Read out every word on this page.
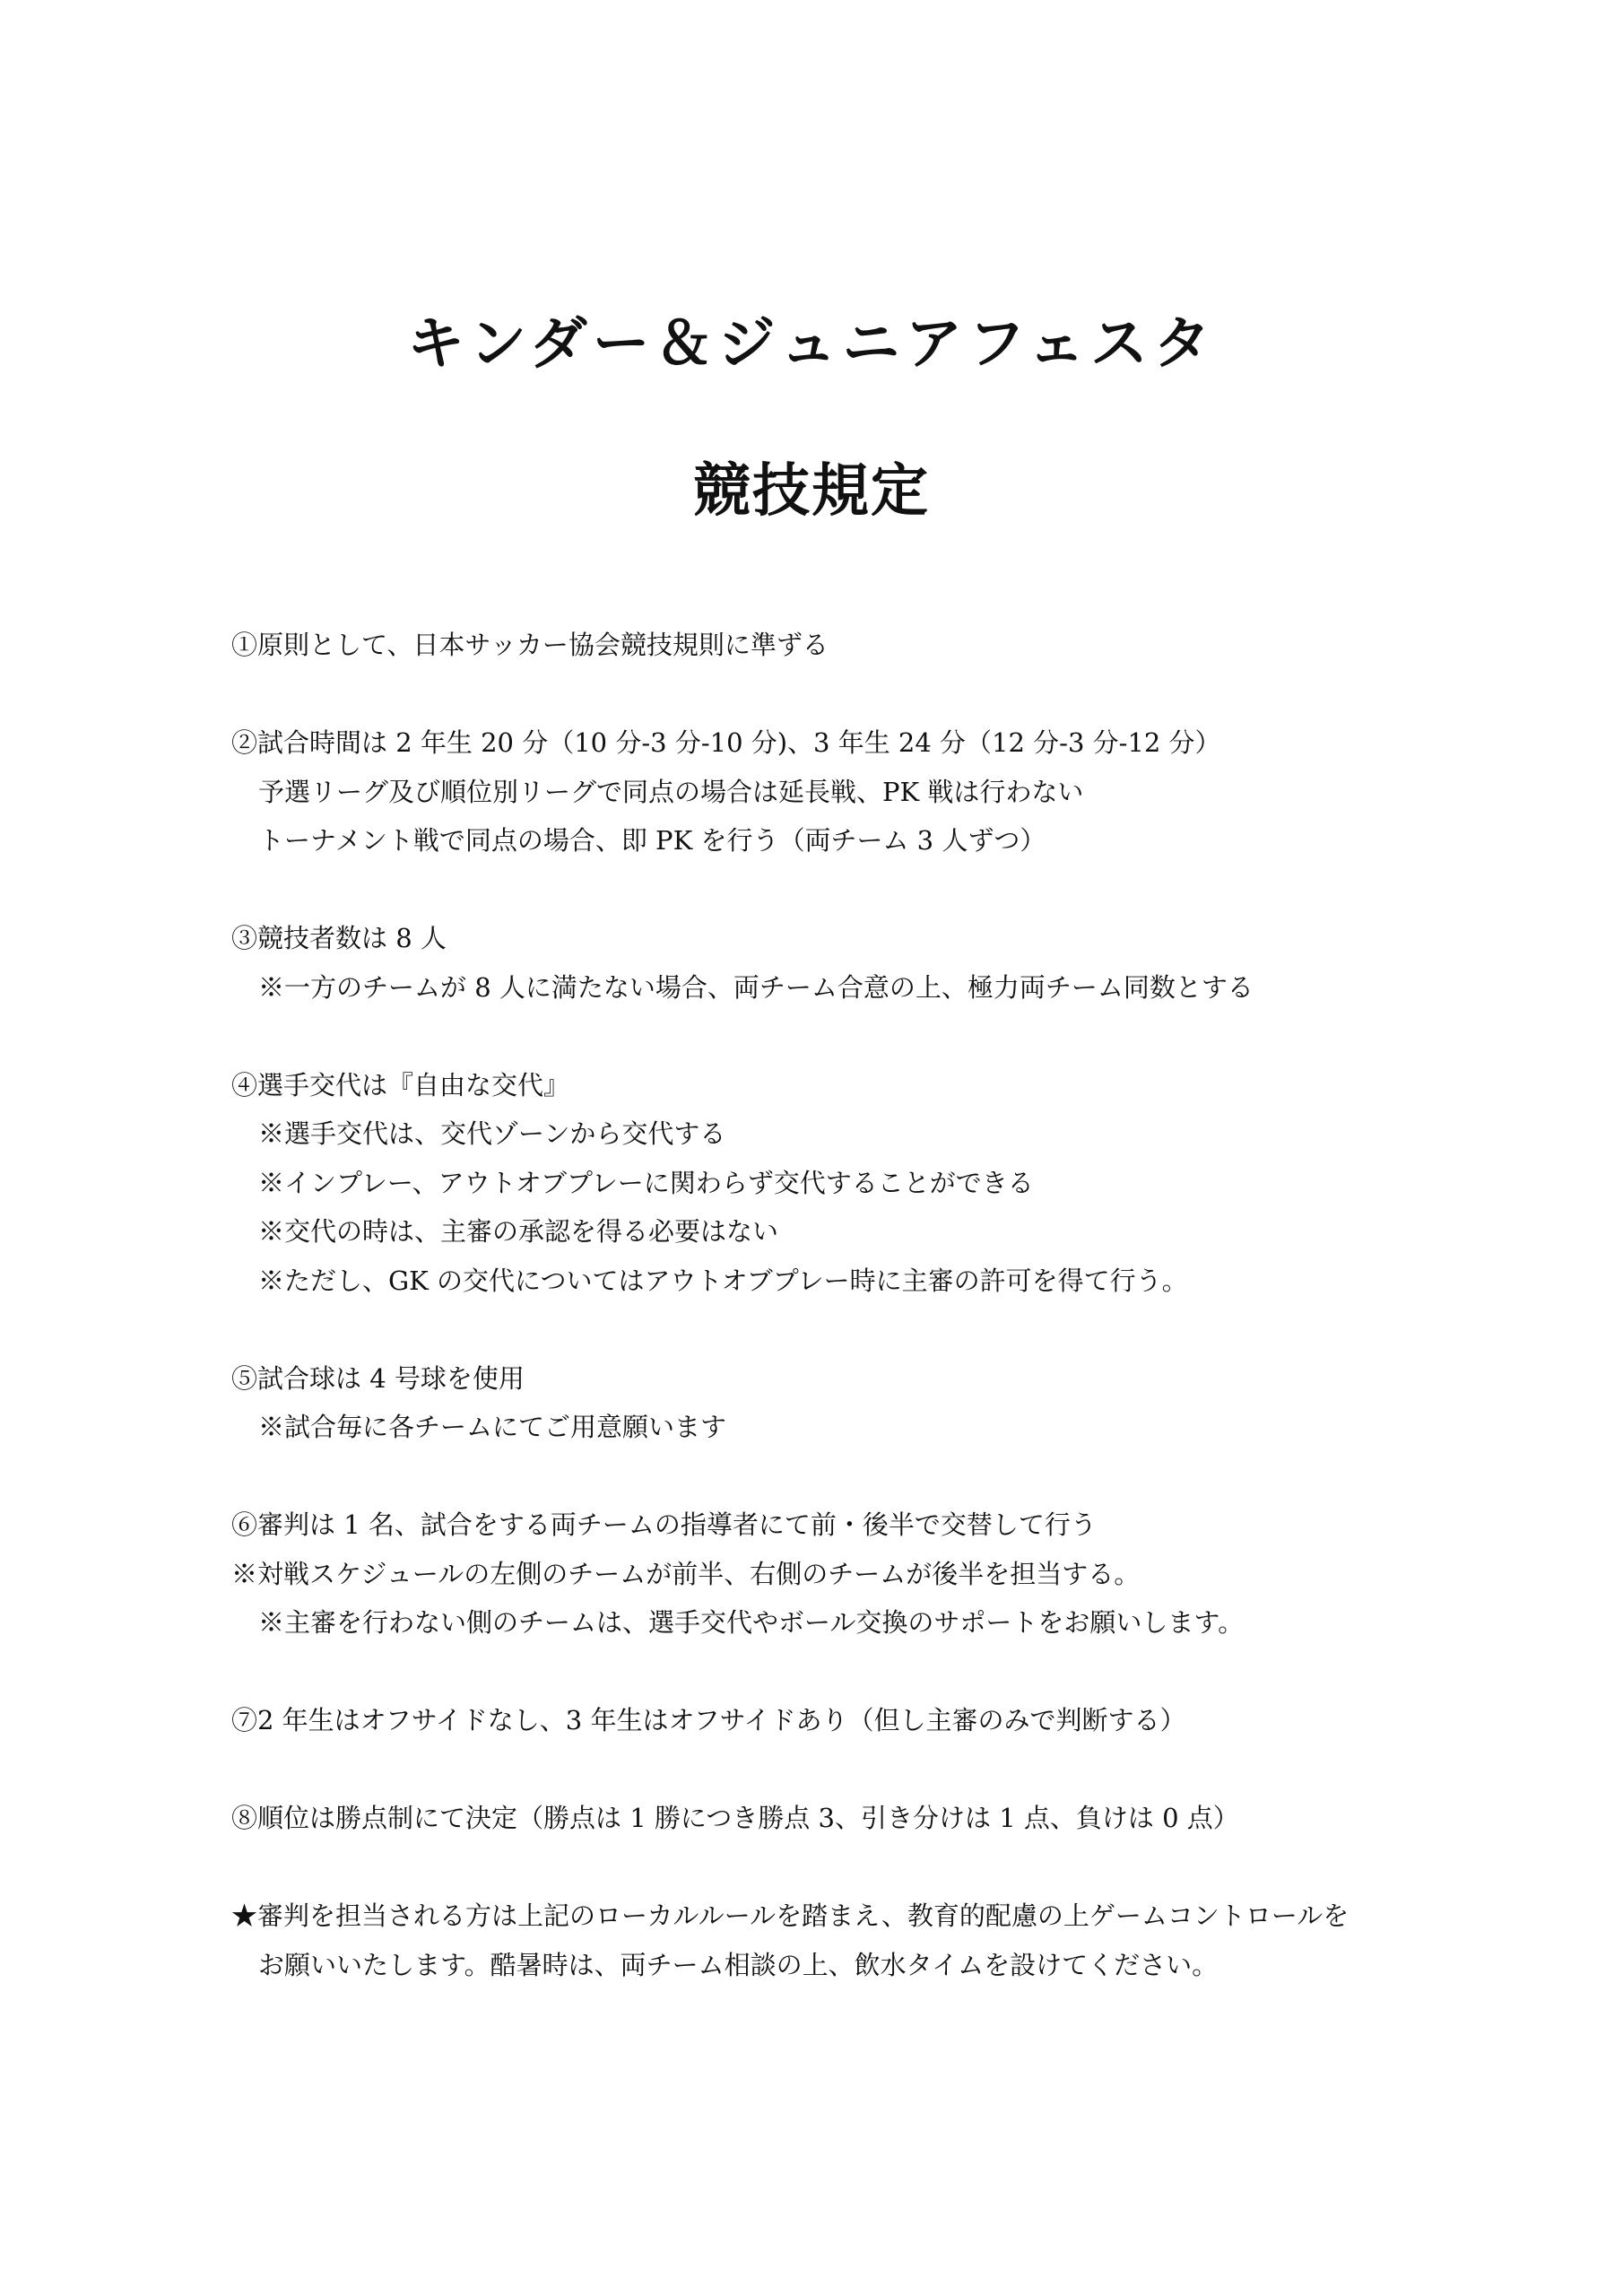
キンダー＆ジュニアフェスタ
競技規定
①原則として、日本サッカー協会競技規則に準ずる
②試合時間は 2 年生 20 分（10 分-3 分-10 分)、3 年生 24 分（12 分-3 分-12 分）
予選リーグ及び順位別リーグで同点の場合は延長戦、PK 戦は行わない
トーナメント戦で同点の場合、即 PK を行う（両チーム 3 人ずつ）
③競技者数は 8 人
※一方のチームが 8 人に満たない場合、両チーム合意の上、極力両チーム同数とする
④選手交代は『自由な交代』
※選手交代は、交代ゾーンから交代する
※インプレー、アウトオブプレーに関わらず交代することができる
※交代の時は、主審の承認を得る必要はない
※ただし、GK の交代についてはアウトオブプレー時に主審の許可を得て行う。
⑤試合球は 4 号球を使用
※試合毎に各チームにてご用意願います
⑥審判は 1 名、試合をする両チームの指導者にて前・後半で交替して行う
※対戦スケジュールの左側のチームが前半、右側のチームが後半を担当する。
※主審を行わない側のチームは、選手交代やボール交換のサポートをお願いします。
⑦2 年生はオフサイドなし、3 年生はオフサイドあり（但し主審のみで判断する）
⑧順位は勝点制にて決定（勝点は 1 勝につき勝点 3、引き分けは 1 点、負けは 0 点）
★審判を担当される方は上記のローカルルールを踏まえ、教育的配慮の上ゲームコントロールを
お願いいたします。酷暑時は、両チーム相談の上、飲水タイムを設けてください。
